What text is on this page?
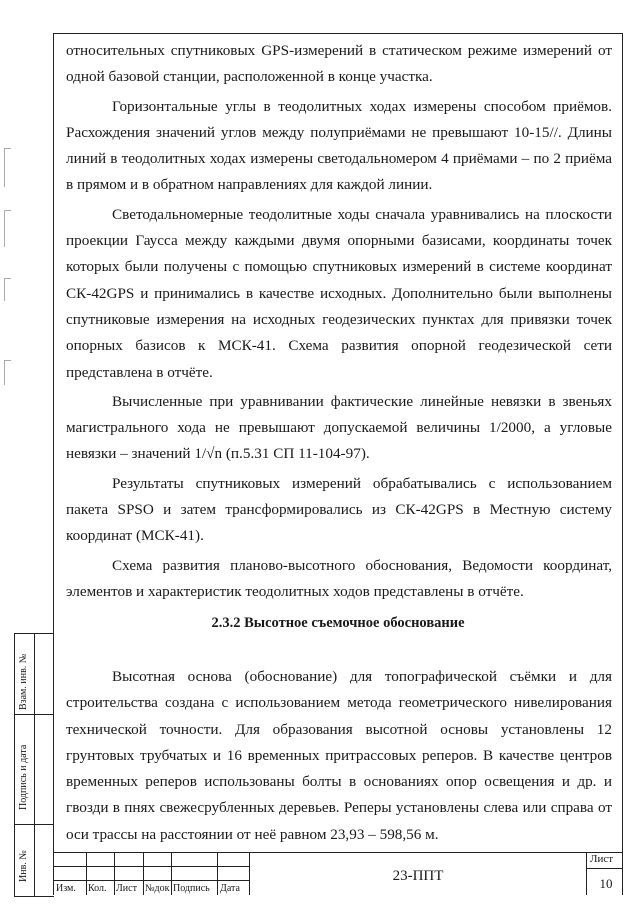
относительных спутниковых GPS-измерений в статическом режиме измерений от одной базовой станции, расположенной в конце участка.

Горизонтальные углы в теодолитных ходах измерены способом приёмов. Расхождения значений углов между полуприёмами не превышают 10-15//. Длины линий в теодолитных ходах измерены светодальномером 4 приёмами – по 2 приёма в прямом и в обратном направлениях для каждой линии.

Светодальномерные теодолитные ходы сначала уравнивались на плоскости проекции Гаусса между каждыми двумя опорными базисами, координаты точек которых были получены с помощью спутниковых измерений в системе координат СК-42GPS и принимались в качестве исходных. Дополнительно были выполнены спутниковые измерения на исходных геодезических пунктах для привязки точек опорных базисов к МСК-41. Схема развития опорной геодезической сети представлена в отчёте.

Вычисленные при уравнивании фактические линейные невязки в звеньях магистрального хода не превышают допускаемой величины 1/2000, а угловые невязки – значений 1/√n (п.5.31 СП 11-104-97).

Результаты спутниковых измерений обрабатывались с использованием пакета SPSO и затем трансформировались из СК-42GPS в Местную систему координат (МСК-41).

Схема развития планово-высотного обоснования, Ведомости координат, элементов и характеристик теодолитных ходов представлены в отчёте.

2.3.2 Высотное съемочное обоснование

Высотная основа (обоснование) для топографической съёмки и для строительства создана с использованием метода геометрического нивелирования технической точности. Для образования высотной основы установлены 12 грунтовых трубчатых и 16 временных притрассовых реперов. В качестве центров временных реперов использованы болты в основаниях опор освещения и др. и гвозди в пнях свежесрубленных деревьев. Реперы установлены слева или справа от оси трассы на расстоянии от неё равном 23,93 – 598,56 м.

Взам. инв. №
Подпись и дата
Инв. №
Изм. Кол. Лист №док Подпись Дата
23-ППТ
Лист
10
